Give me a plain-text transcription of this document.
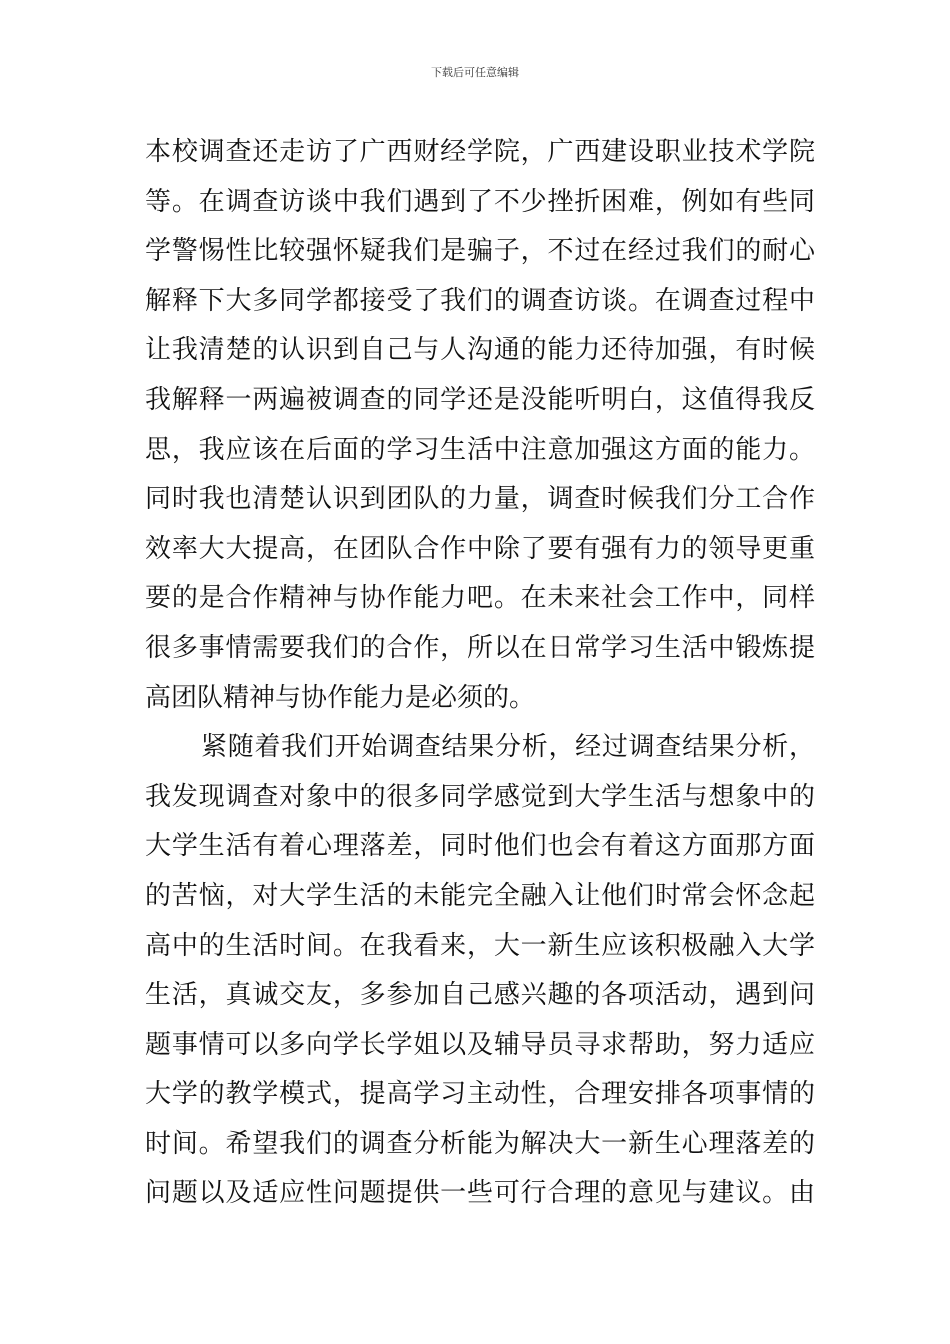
下载后可任意编辑
本校调查还走访了广西财经学院，广西建设职业技术学院
等。在调查访谈中我们遇到了不少挫折困难，例如有些同
学警惕性比较强怀疑我们是骗子，不过在经过我们的耐心
解释下大多同学都接受了我们的调查访谈。在调查过程中
让我清楚的认识到自己与人沟通的能力还待加强，有时候
我解释一两遍被调查的同学还是没能听明白，这值得我反
思，我应该在后面的学习生活中注意加强这方面的能力。
同时我也清楚认识到团队的力量，调查时候我们分工合作
效率大大提高，在团队合作中除了要有强有力的领导更重
要的是合作精神与协作能力吧。在未来社会工作中，同样
很多事情需要我们的合作，所以在日常学习生活中锻炼提
高团队精神与协作能力是必须的。
紧随着我们开始调查结果分析，经过调查结果分析，
我发现调查对象中的很多同学感觉到大学生活与想象中的
大学生活有着心理落差，同时他们也会有着这方面那方面
的苦恼，对大学生活的未能完全融入让他们时常会怀念起
高中的生活时间。在我看来，大一新生应该积极融入大学
生活，真诚交友，多参加自己感兴趣的各项活动，遇到问
题事情可以多向学长学姐以及辅导员寻求帮助，努力适应
大学的教学模式，提高学习主动性，合理安排各项事情的
时间。希望我们的调查分析能为解决大一新生心理落差的
问题以及适应性问题提供一些可行合理的意见与建议。由
